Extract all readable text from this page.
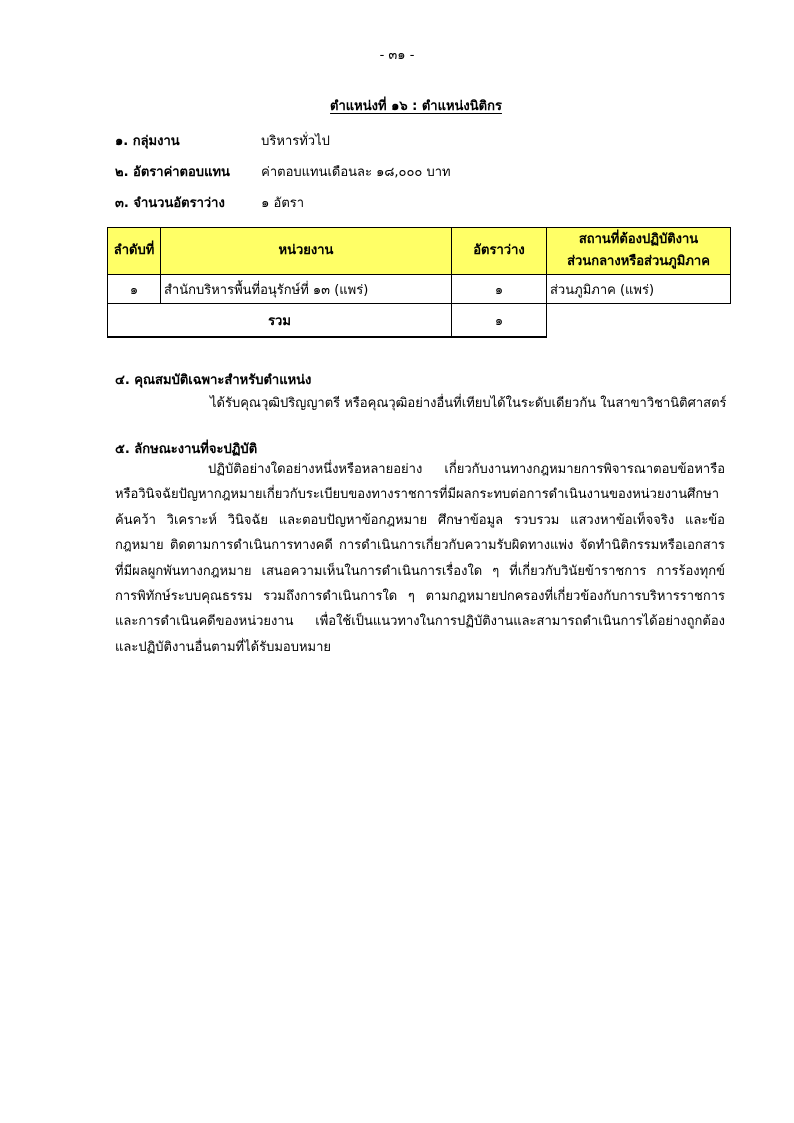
- ๓๑ -
ตำแหน่งที่ ๑๖ : ตำแหน่งนิติกร
๑. กลุ่มงาน	บริหารทั่วไป
๒. อัตราค่าตอบแทน ค่าตอบแทนเดือนละ ๑๘,๐๐๐ บาท
๓. จำนวนอัตราว่าง	๑ อัตรา
ลำดับที่	หน่วยงาน	อัตราว่าง	สถานที่ต้องปฏิบัติงาน
ส่วนกลางหรือส่วนภูมิภาค

๑	สำนักบริหารพื้นที่อนุรักษ์ที่ ๑๓ (แพร่)	๑	ส่วนภูมิภาค (แพร่)
รวม		๑	
๔. คุณสมบัติเฉพาะสำหรับตำแหน่ง
ได้รับคุณวุฒิปริญญาตรี หรือคุณวุฒิอย่างอื่นที่เทียบได้ในระดับเดียวกัน ในสาขาวิชานิติศาสตร์
๕. ลักษณะงานที่จะปฏิบัติ
ปฏิบัติอย่างใดอย่างหนึ่งหรือหลายอย่าง เกี่ยวกับงานทางกฎหมายการพิจารณาตอบข้อหารือ หรือวินิจฉัยปัญหากฎหมายเกี่ยวกับระเบียบของทางราชการที่มีผลกระทบต่อการดำเนินงานของหน่วยงานศึกษา ค้นคว้า วิเคราะห์ วินิจฉัย และตอบปัญหาข้อกฎหมาย ศึกษาข้อมูล รวบรวม แสวงหาข้อเท็จจริง และข้อกฎหมาย ติดตามการดำเนินการทางคดี การดำเนินการเกี่ยวกับความรับผิดทางแพ่ง จัดทำนิติกรรมหรือเอกสารที่มีผลผูกพันทางกฎหมาย เสนอความเห็นในการดำเนินการเรื่องใด ๆ ที่เกี่ยวกับวินัยข้าราชการ การร้องทุกข์ การพิทักษ์ระบบคุณธรรม รวมถึงการดำเนินการใด ๆ ตามกฎหมายปกครองที่เกี่ยวข้องกับการบริหารราชการ และการดำเนินคดีของหน่วยงาน เพื่อใช้เป็นแนวทางในการปฏิบัติงานและสามารถดำเนินการได้อย่างถูกต้อง และปฏิบัติงานอื่นตามที่ได้รับมอบหมาย
